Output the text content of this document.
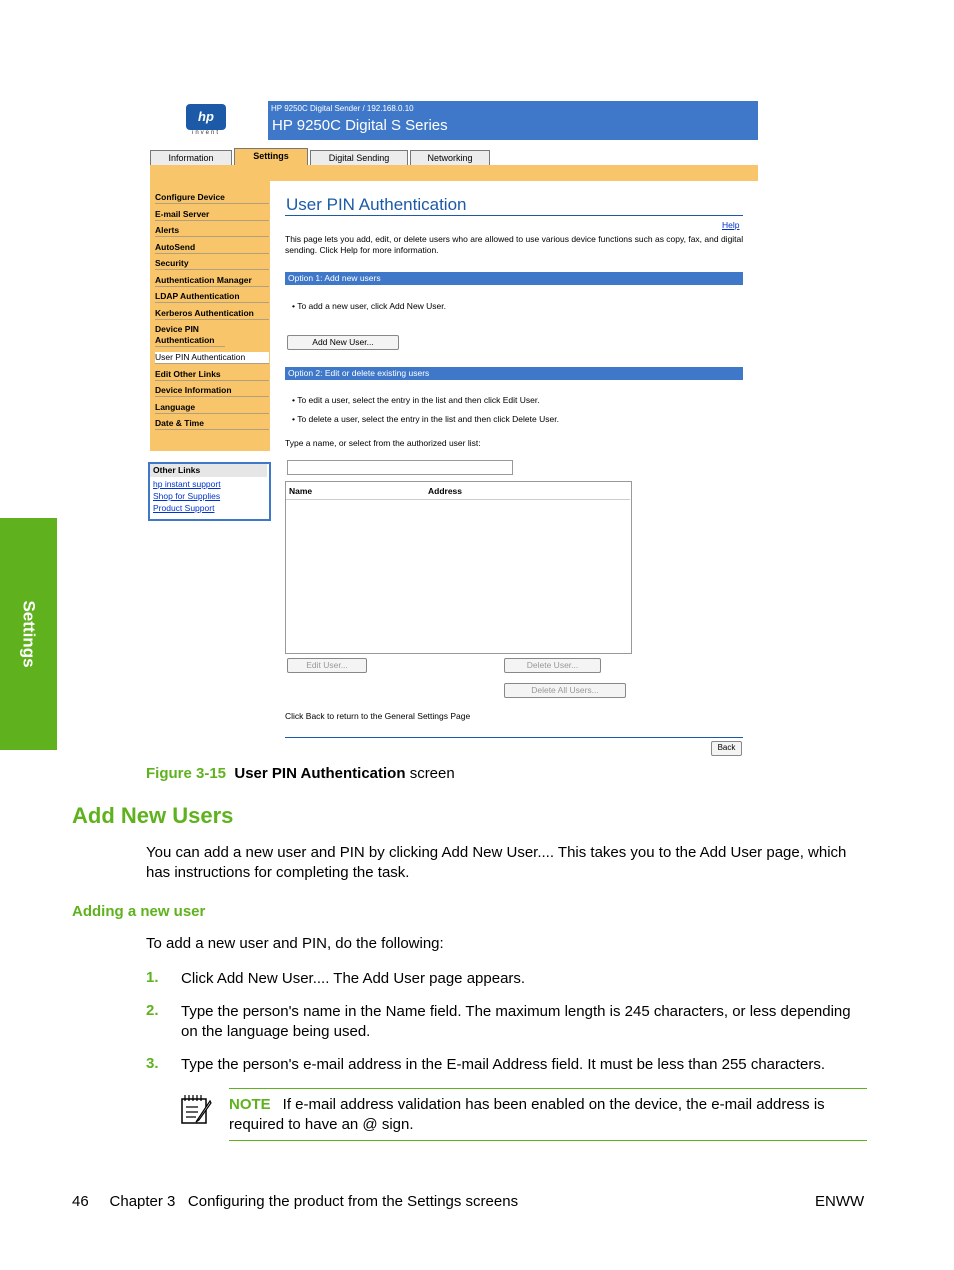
Settings
hp
invent
HP 9250C Digital Sender / 192.168.0.10
HP 9250C Digital S Series
Information	Settings	Digital Sending	Networking
Configure Device
E-mail Server
Alerts
AutoSend
Security
Authentication Manager
LDAP Authentication
Kerberos Authentication
Device PIN Authentication
User PIN Authentication
Edit Other Links
Device Information
Language
Date & Time
Other Links
hp instant support
Shop for Supplies
Product Support
User PIN Authentication
Help
This page lets you add, edit, or delete users who are allowed to use various device functions such as copy, fax, and digital sending. Click Help for more information.
Option 1: Add new users
• To add a new user, click Add New User.
Add New User...
Option 2: Edit or delete existing users
• To edit a user, select the entry in the list and then click Edit User.
• To delete a user, select the entry in the list and then click Delete User.
Type a name, or select from the authorized user list:
Name	Address
Edit User...	Delete User...
Delete All Users...
Click Back to return to the General Settings Page
Back
Figure 3-15 User PIN Authentication screen
Add New Users
You can add a new user and PIN by clicking Add New User.... This takes you to the Add User page, which has instructions for completing the task.
Adding a new user
To add a new user and PIN, do the following:
1. Click Add New User.... The Add User page appears.
2. Type the person's name in the Name field. The maximum length is 245 characters, or less depending on the language being used.
3. Type the person's e-mail address in the E-mail Address field. It must be less than 255 characters.
NOTE If e-mail address validation has been enabled on the device, the e-mail address is required to have an @ sign.
46     Chapter 3   Configuring the product from the Settings screens	ENWW
